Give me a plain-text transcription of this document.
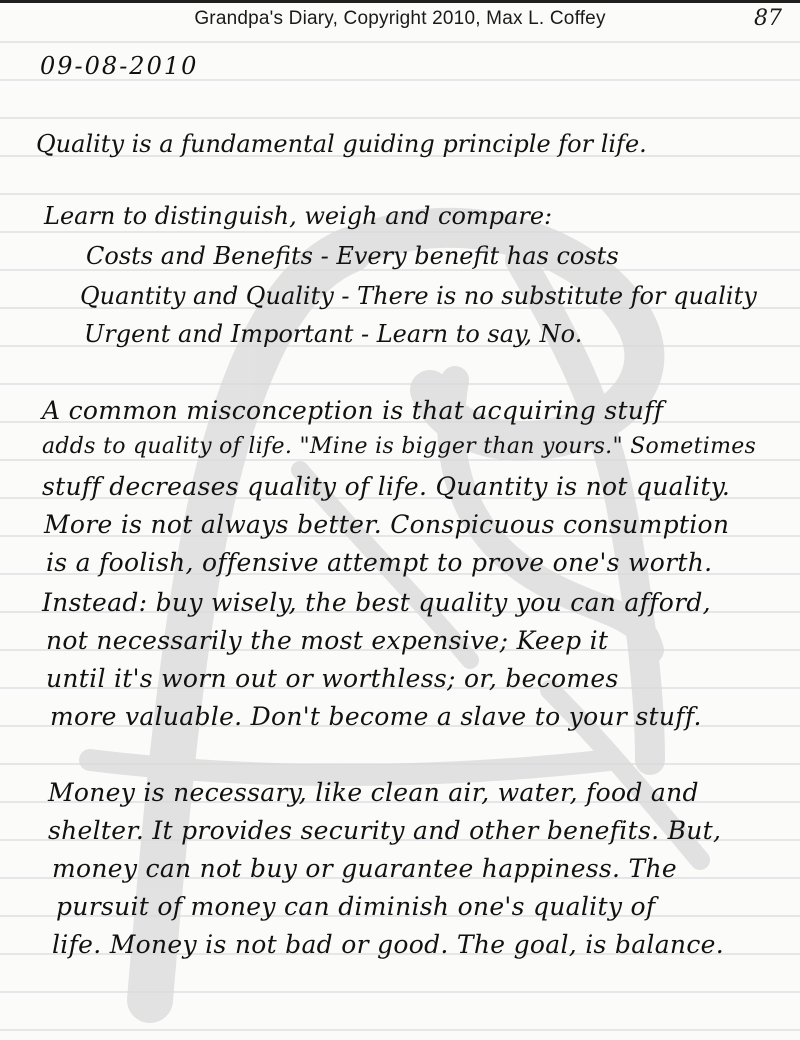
Grandpa's Diary, Copyright 2010, Max L. Coffey	87
09-08-2010
Quality is a fundamental guiding principle for life.
Learn to distinguish, weigh and compare:
Costs and Benefits - Every benefit has costs
Quantity and Quality - There is no substitute for quality
Urgent and Important - Learn to say, No.
A common misconception is that acquiring stuff
adds to quality of life. "Mine is bigger than yours." Sometimes
stuff decreases quality of life. Quantity is not quality.
More is not always better. Conspicuous consumption
is a foolish, offensive attempt to prove one's worth.
Instead: buy wisely, the best quality you can afford,
not necessarily the most expensive; Keep it
until it's worn out or worthless; or, becomes
more valuable. Don't become a slave to your stuff.
Money is necessary, like clean air, water, food and
shelter. It provides security and other benefits. But,
money can not buy or guarantee happiness. The
pursuit of money can diminish one's quality of
life. Money is not bad or good. The goal, is balance.
